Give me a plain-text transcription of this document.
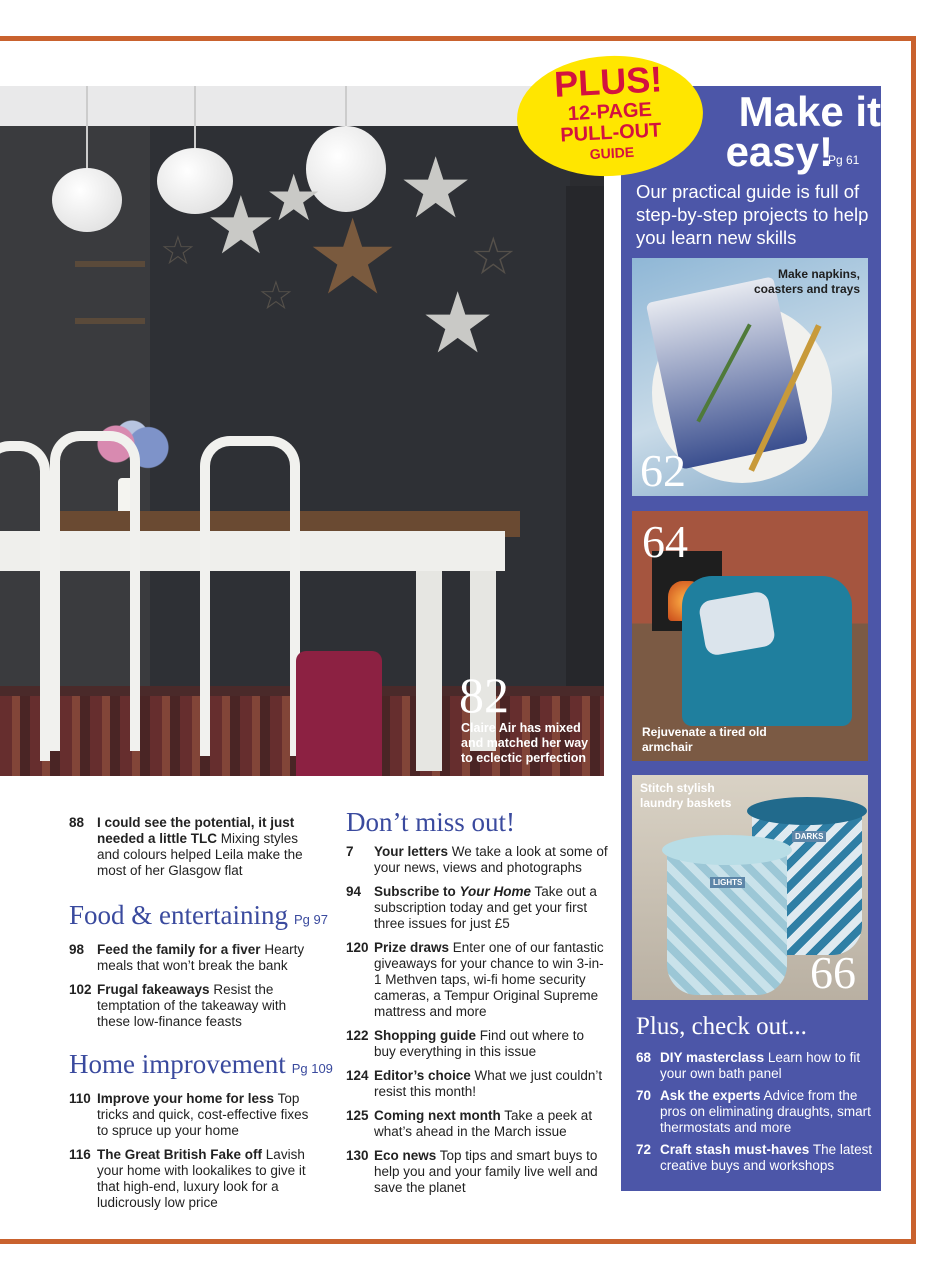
★
★ ★
★
★
☆
☆
☆
82
Claire Air has mixed and matched her way to eclectic perfection
Make it
easy!
Pg 61
Our practical guide is full of step-by-step projects to help you learn new skills
Make napkins, coasters and trays
62
64
Rejuvenate a tired old armchair
DARKS
LIGHTS
Stitch stylish laundry baskets
66
Plus, check out...
68 DIY masterclass Learn how to fit your own bath panel
70 Ask the experts Advice from the pros on eliminating draughts, smart thermostats and more
72 Craft stash must-haves The latest creative buys and workshops
PLUS!
12-PAGE
PULL-OUT
GUIDE
88 I could see the potential, it just needed a little TLC Mixing styles and colours helped Leila make the most of her Glasgow flat
Food & entertaining Pg 97
98 Feed the family for a fiver Hearty meals that won’t break the bank
102 Frugal fakeaways Resist the temptation of the takeaway with these low-finance feasts
Home improvement Pg 109
110 Improve your home for less Top tricks and quick, cost-effective fixes to spruce up your home
116 The Great British Fake off Lavish your home with lookalikes to give it that high-end, luxury look for a ludicrously low price
Don’t miss out!
7 Your letters We take a look at some of your news, views and photographs
94 Subscribe to Your Home Take out a subscription today and get your first three issues for just £5
120 Prize draws Enter one of our fantastic giveaways for your chance to win 3-in-1 Methven taps, wi-fi home security cameras, a Tempur Original Supreme mattress and more
122 Shopping guide Find out where to buy everything in this issue
124 Editor’s choice What we just couldn’t resist this month!
125 Coming next month Take a peek at what’s ahead in the March issue
130 Eco news Top tips and smart buys to help you and your family live well and save the planet
